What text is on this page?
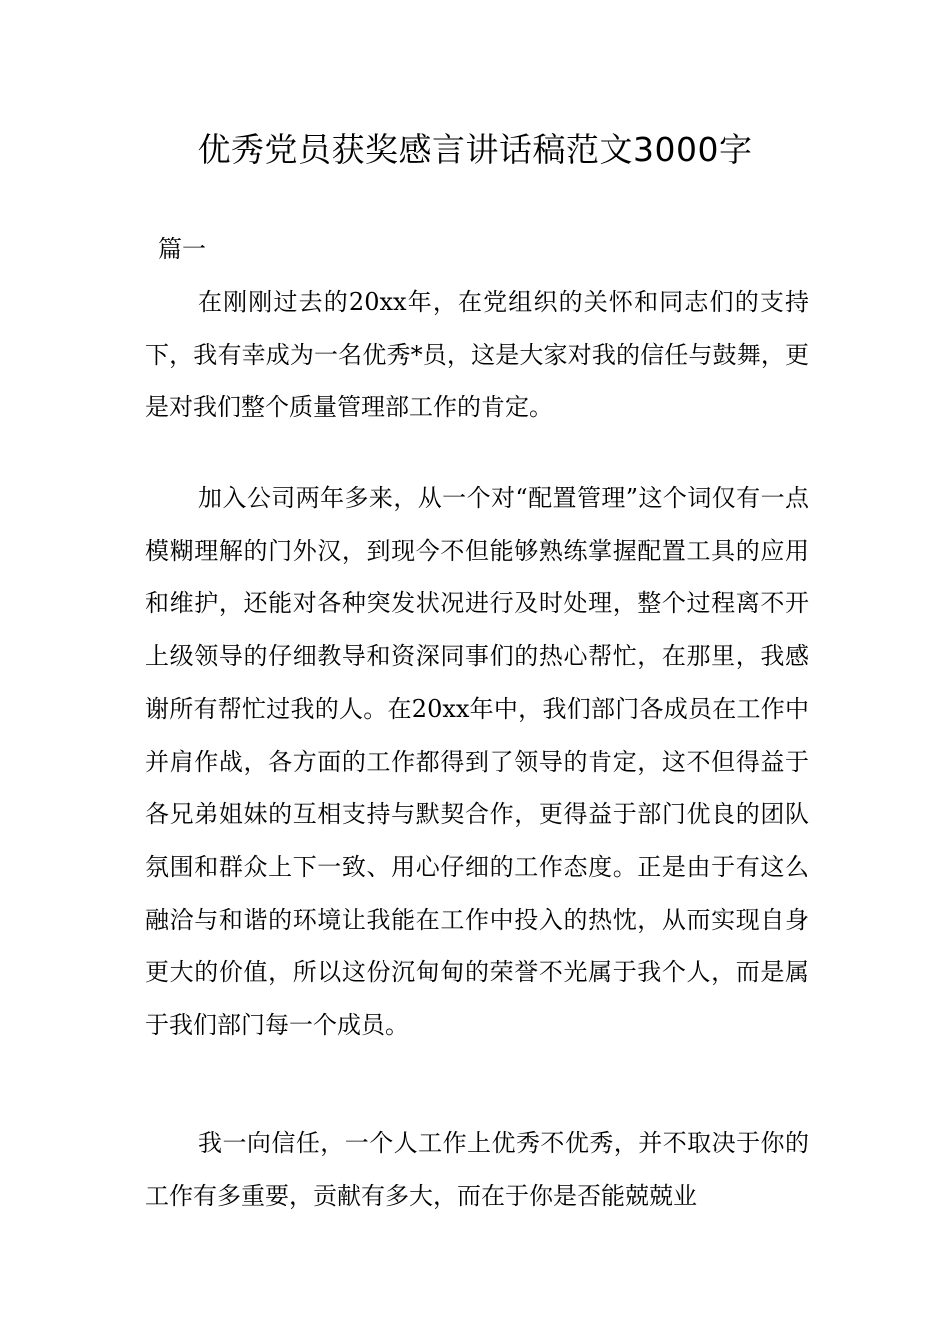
优秀党员获奖感言讲话稿范文3000字
篇一

在刚刚过去的20xx年，在党组织的关怀和同志们的支持下，我有幸成为一名优秀*员，这是大家对我的信任与鼓舞，更是对我们整个质量管理部工作的肯定。

加入公司两年多来，从一个对“配置管理”这个词仅有一点模糊理解的门外汉，到现今不但能够熟练掌握配置工具的应用和维护，还能对各种突发状况进行及时处理，整个过程离不开上级领导的仔细教导和资深同事们的热心帮忙，在那里，我感谢所有帮忙过我的人。在20xx年中，我们部门各成员在工作中并肩作战，各方面的工作都得到了领导的肯定，这不但得益于各兄弟姐妹的互相支持与默契合作，更得益于部门优良的团队氛围和群众上下一致、用心仔细的工作态度。正是由于有这么融洽与和谐的环境让我能在工作中投入的热忱，从而实现自身更大的价值，所以这份沉甸甸的荣誉不光属于我个人，而是属于我们部门每一个成员。

我一向信任，一个人工作上优秀不优秀，并不取决于你的工作有多重要，贡献有多大，而在于你是否能兢兢业
